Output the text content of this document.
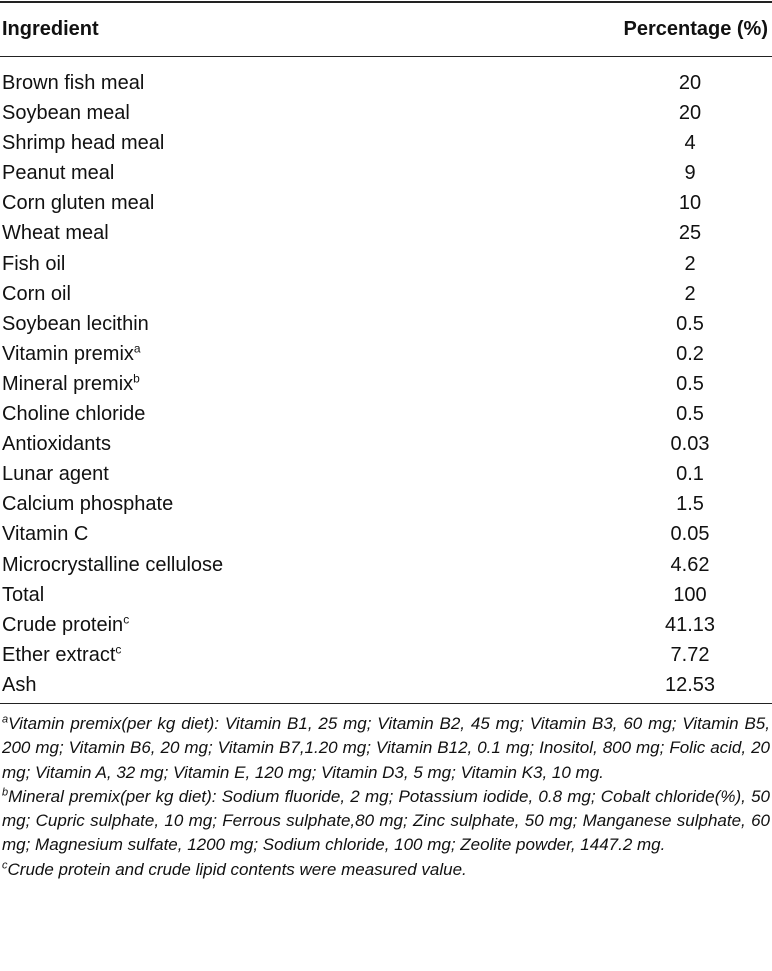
Ingredient	Percentage (%)
Brown fish meal	20
Soybean meal	20
Shrimp head meal	4
Peanut meal	9
Corn gluten meal	10
Wheat meal	25
Fish oil	2
Corn oil	2
Soybean lecithin	0.5
Vitamin premix$^a$	0.2
Mineral premix$^b$	0.5
Choline chloride	0.5
Antioxidants	0.03
Lunar agent	0.1
Calcium phosphate	1.5
Vitamin C	0.05
Microcrystalline cellulose	4.62
Total	100
Crude protein$^c$	41.13
Ether extract$^c$	7.72
Ash	12.53

$^a$Vitamin premix(per kg diet): Vitamin B1, 25 mg; Vitamin B2, 45 mg; Vitamin B3, 60 mg; Vitamin B5, 200 mg; Vitamin B6, 20 mg; Vitamin B7,1.20 mg; Vitamin B12, 0.1 mg; Inositol, 800 mg; Folic acid, 20 mg; Vitamin A, 32 mg; Vitamin E, 120 mg; Vitamin D3, 5 mg; Vitamin K3, 10 mg.

$^b$Mineral premix(per kg diet): Sodium fluoride, 2 mg; Potassium iodide, 0.8 mg; Cobalt chloride(%), 50 mg; Cupric sulphate, 10 mg; Ferrous sulphate,80 mg; Zinc sulphate, 50 mg; Manganese sulphate, 60 mg; Magnesium sulfate, 1200 mg; Sodium chloride, 100 mg; Zeolite powder, 1447.2 mg.

$^c$Crude protein and crude lipid contents were measured value.
